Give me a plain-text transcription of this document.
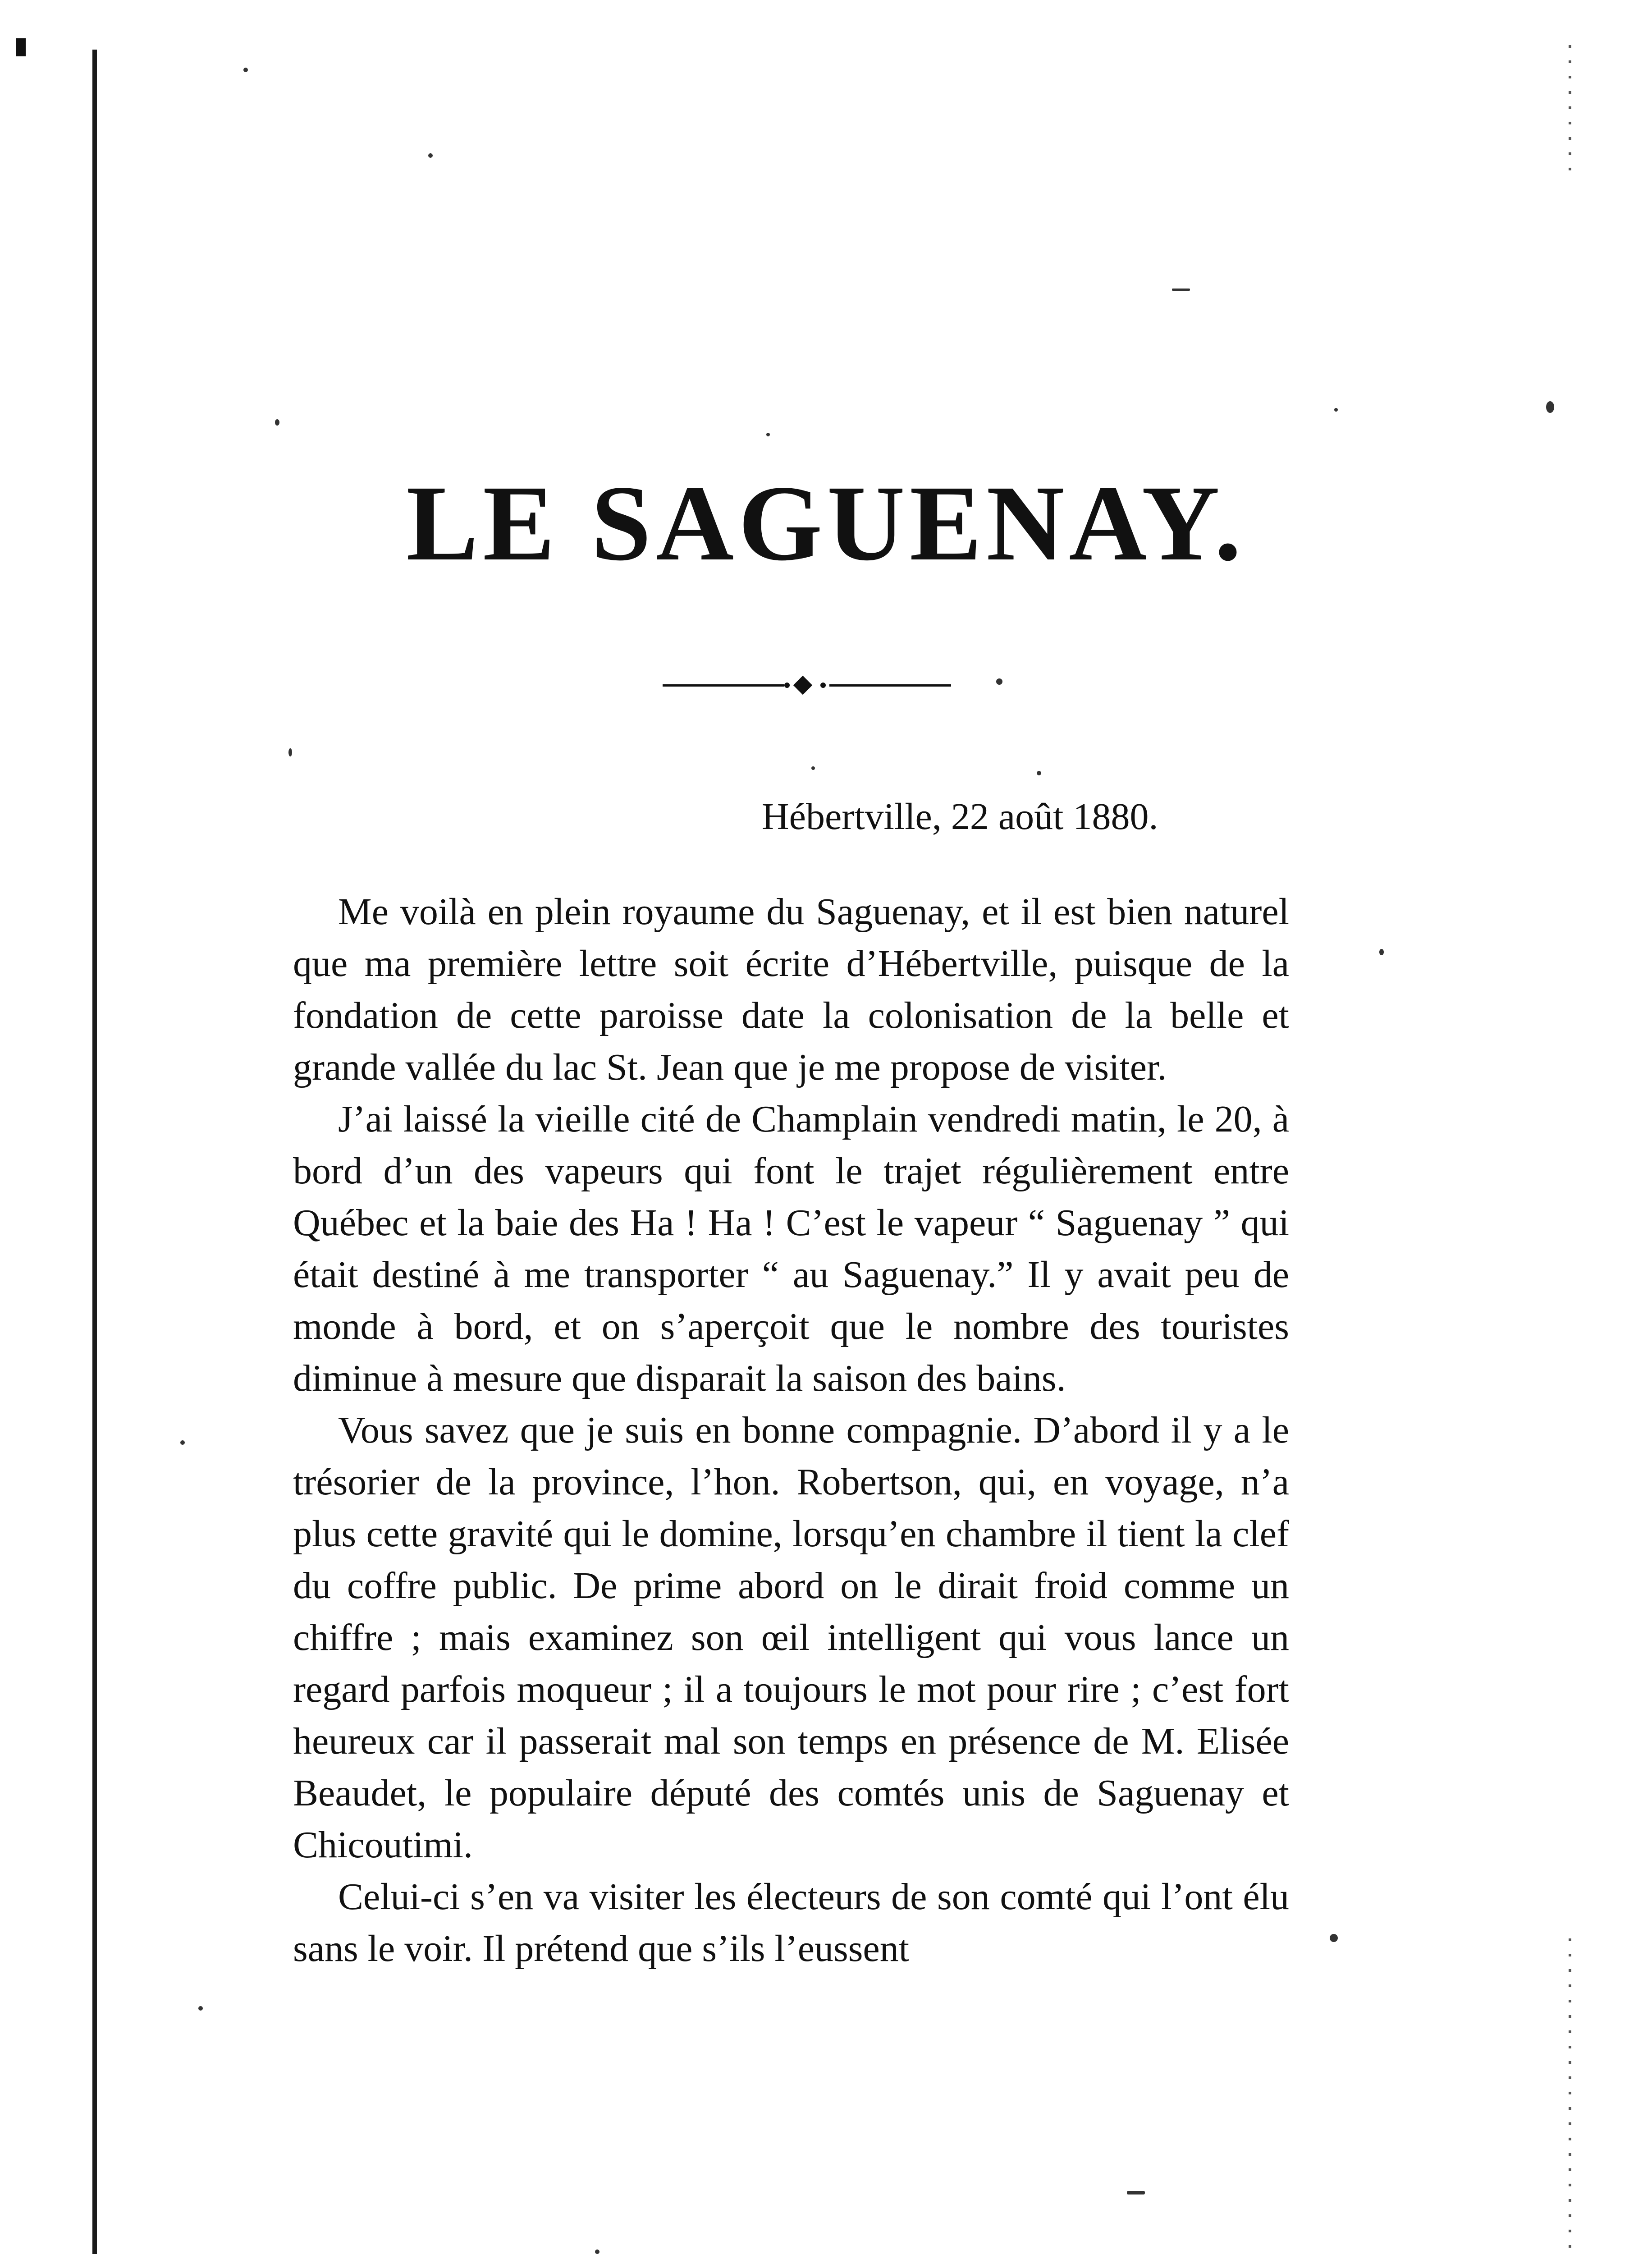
LE SAGUENAY.
Hébertville, 22 août 1880.

Me voilà en plein royaume du Saguenay, et il est bien naturel que ma première lettre soit écrite d’Hébertville, puisque de la fondation de cette paroisse date la colonisation de la belle et grande vallée du lac St. Jean que je me propose de visiter.

J’ai laissé la vieille cité de Champlain vendredi matin, le 20, à bord d’un des vapeurs qui font le trajet régulièrement entre Québec et la baie des Ha ! Ha ! C’est le vapeur “ Saguenay ” qui était destiné à me transporter “ au Saguenay.” Il y avait peu de monde à bord, et on s’aperçoit que le nombre des touristes diminue à mesure que disparait la saison des bains.

Vous savez que je suis en bonne compagnie. D’abord il y a le trésorier de la province, l’hon. Robertson, qui, en voyage, n’a plus cette gravité qui le domine, lorsqu’en chambre il tient la clef du coffre public. De prime abord on le dirait froid comme un chiffre ; mais examinez son œil intelligent qui vous lance un regard parfois moqueur ; il a toujours le mot pour rire ; c’est fort heureux car il passerait mal son temps en présence de M. Elisée Beaudet, le populaire député des comtés unis de Saguenay et Chicoutimi.

Celui-ci s’en va visiter les électeurs de son comté qui l’ont élu sans le voir. Il prétend que s’ils l’eussent
